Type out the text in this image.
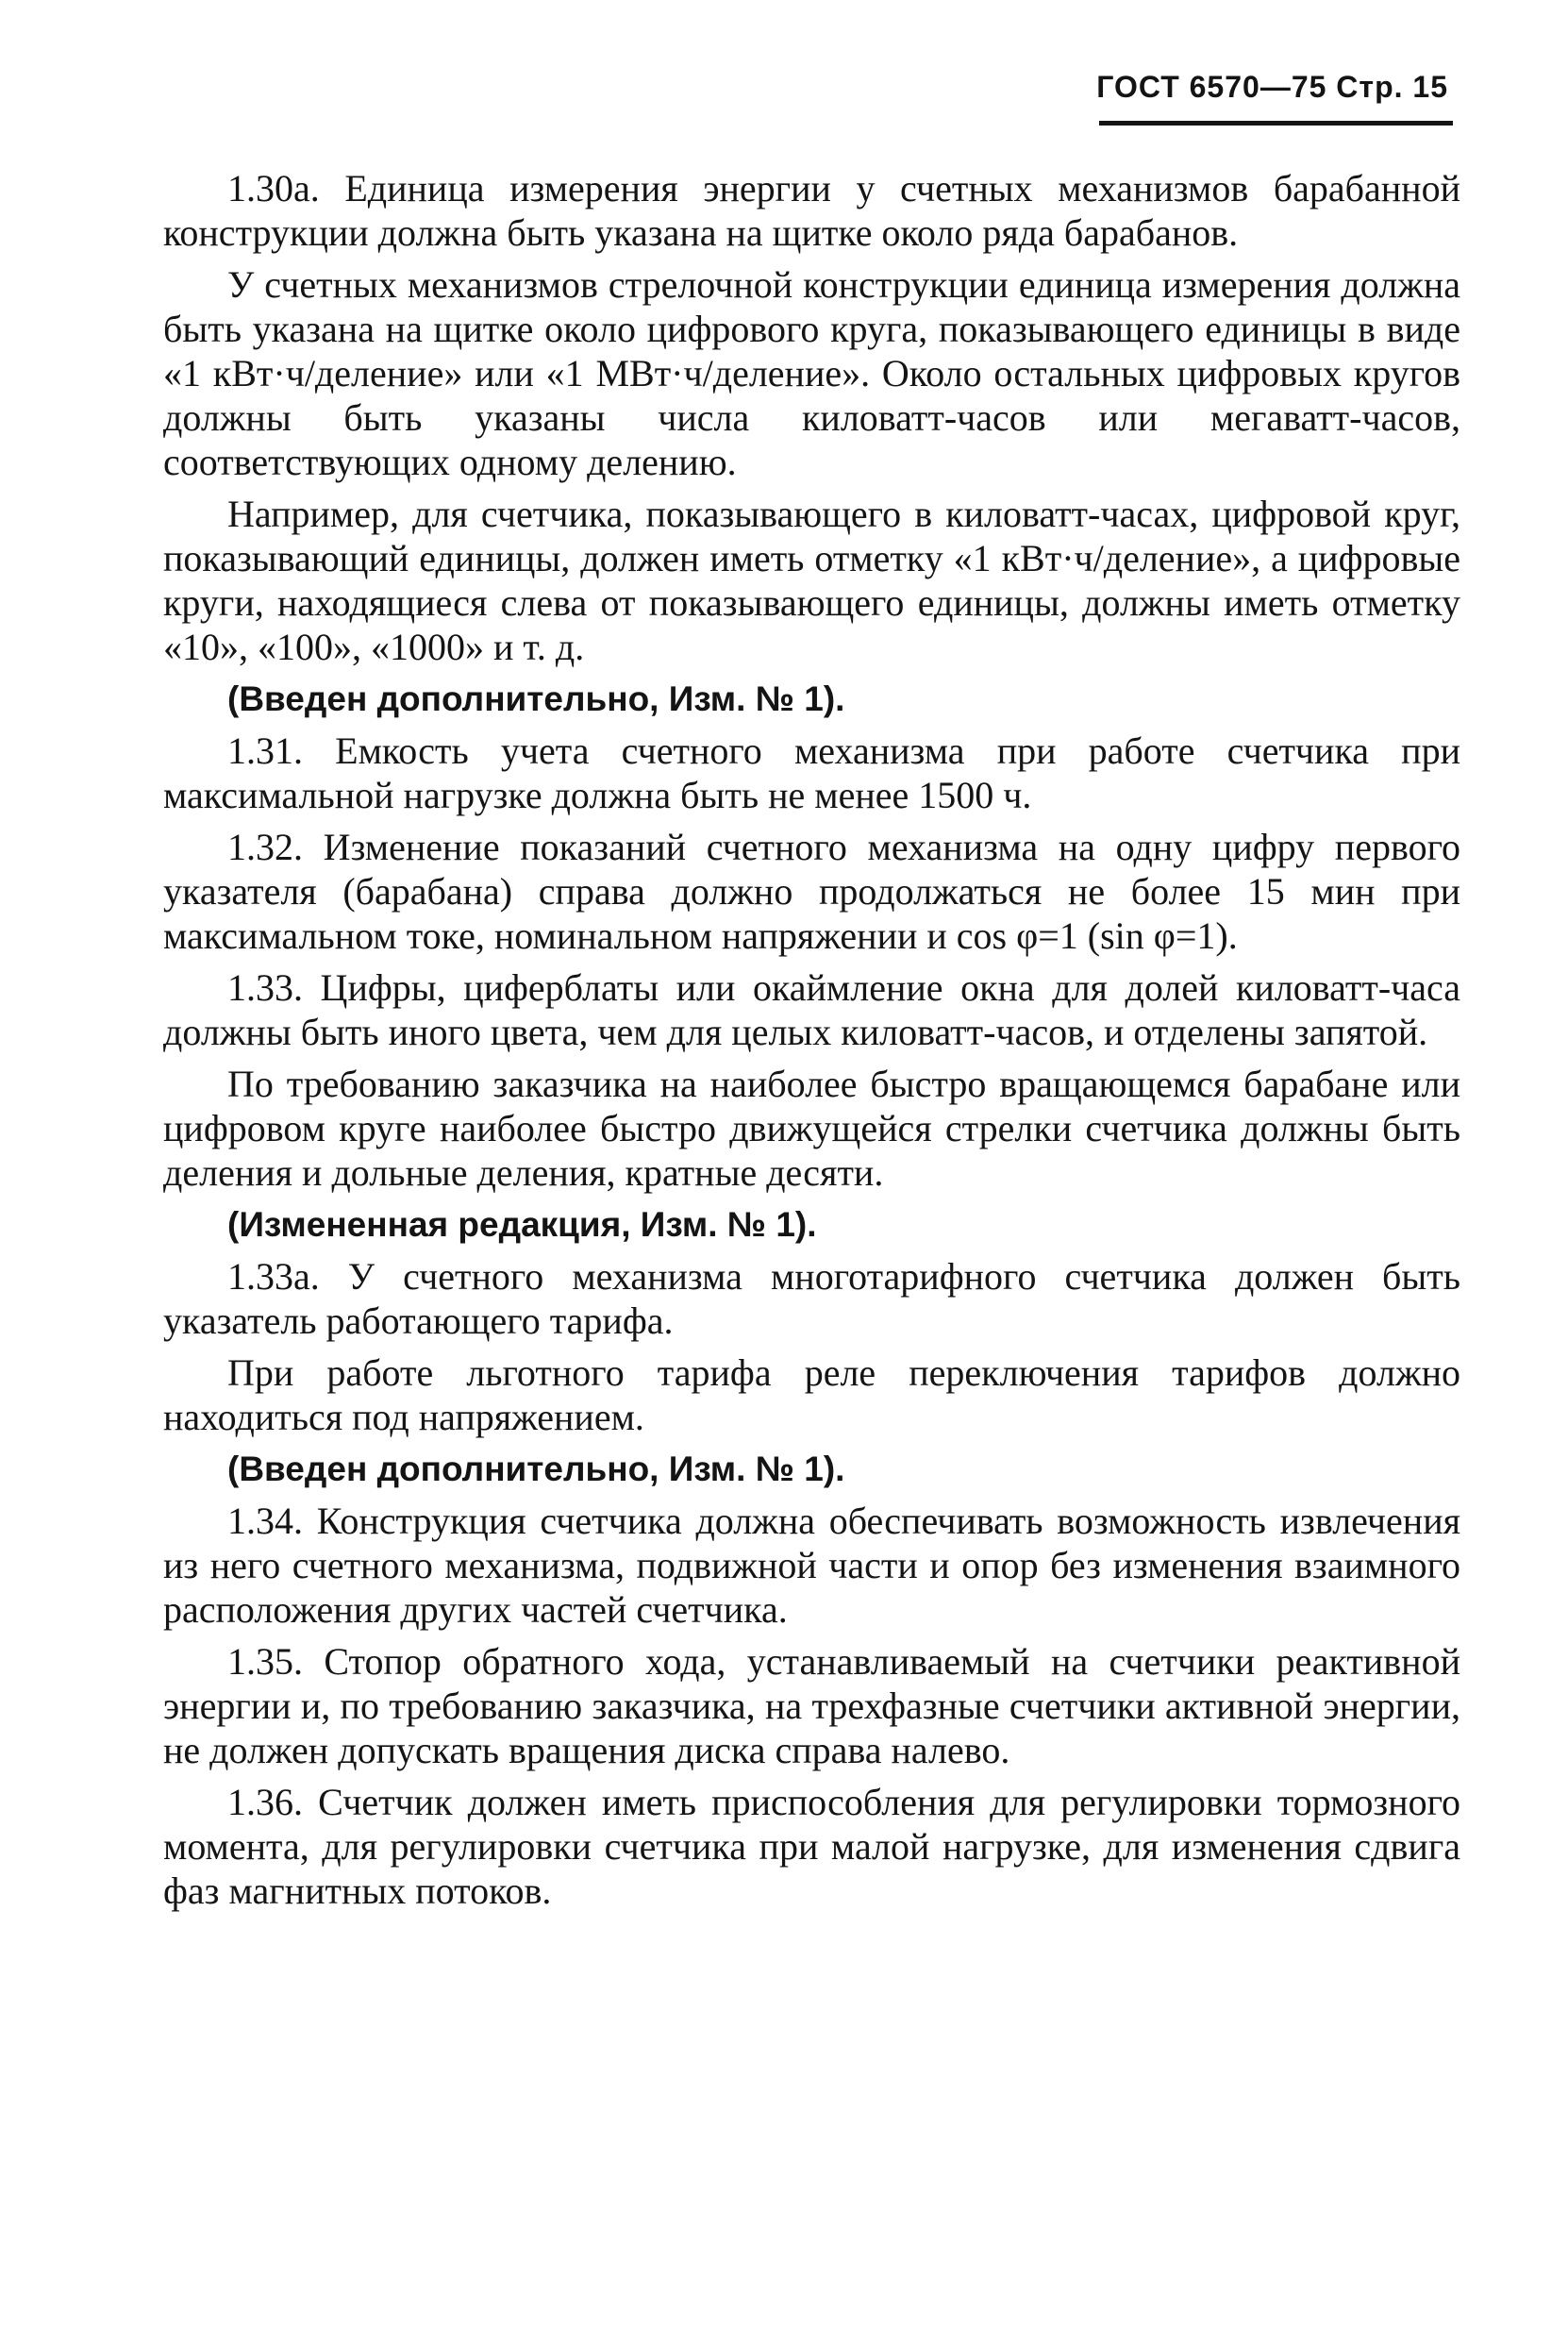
ГОСТ 6570—75 Стр. 15

1.30а. Единица измерения энергии у счетных механизмов барабанной конструкции должна быть указана на щитке около ряда барабанов.

У счетных механизмов стрелочной конструкции единица измерения должна быть указана на щитке около цифрового круга, показывающего единицы в виде «1 кВт·ч/деление» или «1 МВт·ч/деление». Около остальных цифровых кругов должны быть указаны числа киловатт-часов или мегаватт-часов, соответствующих одному делению.

Например, для счетчика, показывающего в киловатт-часах, цифровой круг, показывающий единицы, должен иметь отметку «1 кВт·ч/деление», а цифровые круги, находящиеся слева от показывающего единицы, должны иметь отметку «10», «100», «1000» и т. д.

(Введен дополнительно, Изм. № 1).

1.31. Емкость учета счетного механизма при работе счетчика при максимальной нагрузке должна быть не менее 1500 ч.

1.32. Изменение показаний счетного механизма на одну цифру первого указателя (барабана) справа должно продолжаться не более 15 мин при максимальном токе, номинальном напряжении и cos φ=1 (sin φ=1).

1.33. Цифры, циферблаты или окаймление окна для долей киловатт-часа должны быть иного цвета, чем для целых киловатт-часов, и отделены запятой.

По требованию заказчика на наиболее быстро вращающемся барабане или цифровом круге наиболее быстро движущейся стрелки счетчика должны быть деления и дольные деления, кратные десяти.

(Измененная редакция, Изм. № 1).

1.33а. У счетного механизма многотарифного счетчика должен быть указатель работающего тарифа.

При работе льготного тарифа реле переключения тарифов должно находиться под напряжением.

(Введен дополнительно, Изм. № 1).

1.34. Конструкция счетчика должна обеспечивать возможность извлечения из него счетного механизма, подвижной части и опор без изменения взаимного расположения других частей счетчика.

1.35. Стопор обратного хода, устанавливаемый на счетчики реактивной энергии и, по требованию заказчика, на трехфазные счетчики активной энергии, не должен допускать вращения диска справа налево.

1.36. Счетчик должен иметь приспособления для регулировки тормозного момента, для регулировки счетчика при малой нагрузке, для изменения сдвига фаз магнитных потоков.
